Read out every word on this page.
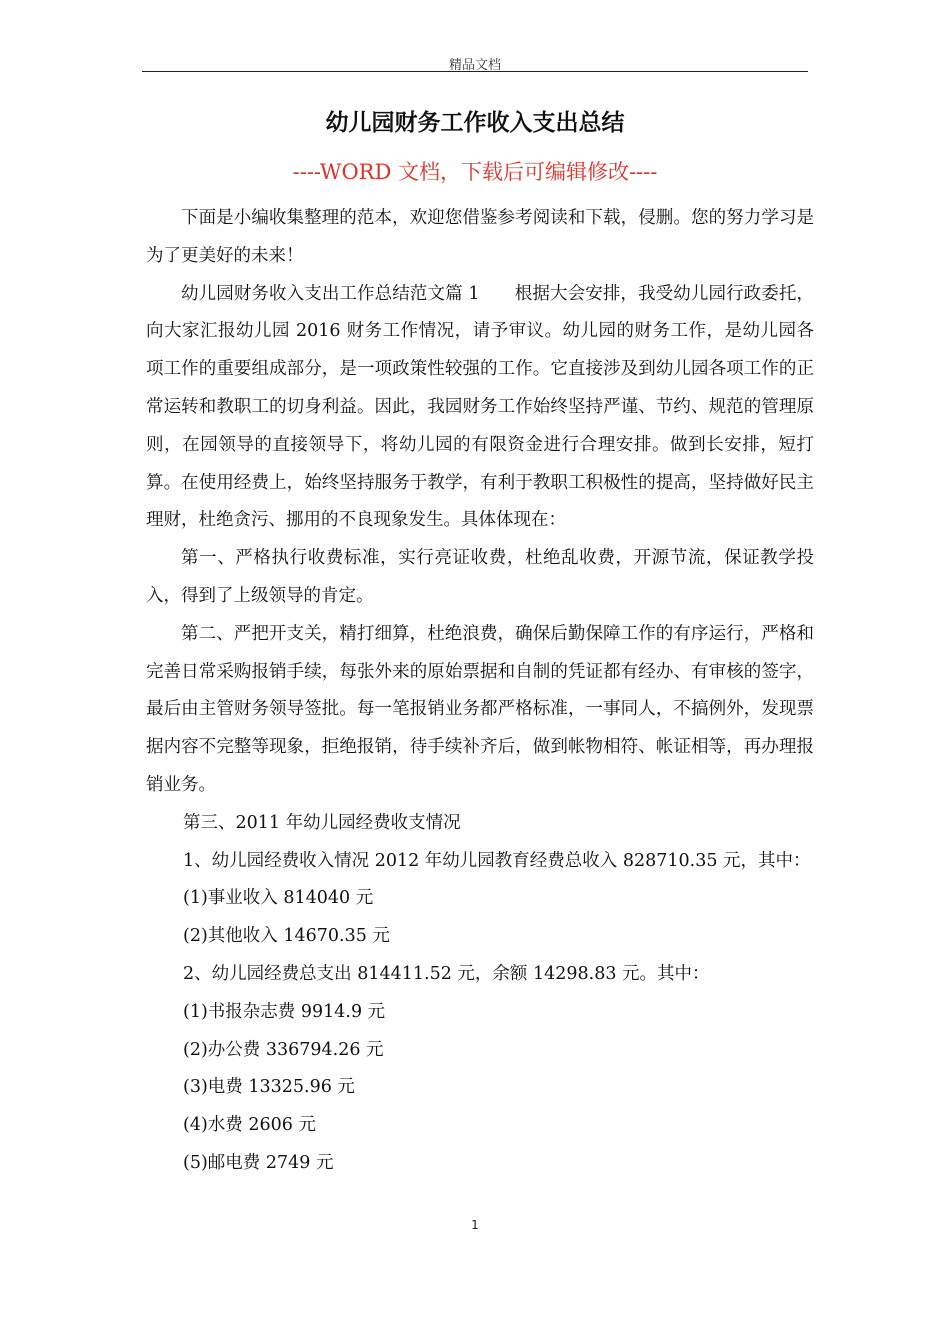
精品文档
幼儿园财务工作收入支出总结
----WORD 文档，下载后可编辑修改----

下面是小编收集整理的范本，欢迎您借鉴参考阅读和下载，侵删。您的努力学习是为了更美好的未来！

幼儿园财务收入支出工作总结范文篇 1　　根据大会安排，我受幼儿园行政委托，向大家汇报幼儿园 2016 财务工作情况，请予审议。幼儿园的财务工作，是幼儿园各项工作的重要组成部分，是一项政策性较强的工作。它直接涉及到幼儿园各项工作的正常运转和教职工的切身利益。因此，我园财务工作始终坚持严谨、节约、规范的管理原则，在园领导的直接领导下，将幼儿园的有限资金进行合理安排。做到长安排，短打算。在使用经费上，始终坚持服务于教学，有利于教职工积极性的提高，坚持做好民主理财，杜绝贪污、挪用的不良现象发生。具体体现在：

第一、严格执行收费标准，实行亮证收费，杜绝乱收费，开源节流，保证教学投入，得到了上级领导的肯定。

第二、严把开支关，精打细算，杜绝浪费，确保后勤保障工作的有序运行，严格和完善日常采购报销手续，每张外来的原始票据和自制的凭证都有经办、有审核的签字，最后由主管财务领导签批。每一笔报销业务都严格标准，一事同人，不搞例外，发现票据内容不完整等现象，拒绝报销，待手续补齐后，做到帐物相符、帐证相等，再办理报销业务。

第三、2011 年幼儿园经费收支情况

1、幼儿园经费收入情况 2012 年幼儿园教育经费总收入 828710.35 元，其中：

(1)事业收入 814040 元

(2)其他收入 14670.35 元

2、幼儿园经费总支出 814411.52 元，余额 14298.83 元。其中：

(1)书报杂志费 9914.9 元

(2)办公费 336794.26 元

(3)电费 13325.96 元

(4)水费 2606 元

(5)邮电费 2749 元

1
